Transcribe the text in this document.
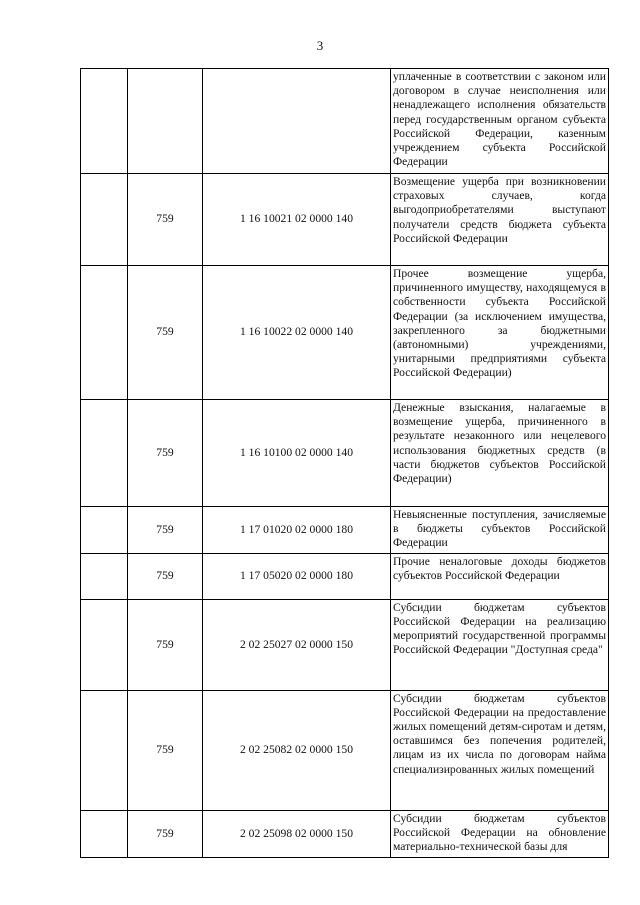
3

			уплаченные в соответствии с законом или договором в случае неисполнения или ненадлежащего исполнения обязательств перед государственным органом субъекта Российской Федерации, казенным учреждением субъекта Российской Федерации

	759	1 16 10021 02 0000 140	Возмещение ущерба при возникновении страховых случаев, когда выгодоприобретателями выступают получатели средств бюджета субъекта Российской Федерации

	759	1 16 10022 02 0000 140	Прочее возмещение ущерба, причиненного имуществу, находящемуся в собственности субъекта Российской Федерации (за исключением имущества, закрепленного за бюджетными (автономными) учреждениями, унитарными предприятиями субъекта Российской Федерации)

	759	1 16 10100 02 0000 140	Денежные взыскания, налагаемые в возмещение ущерба, причиненного в результате незаконного или нецелевого использования бюджетных средств (в части бюджетов субъектов Российской Федерации)

	759	1 17 01020 02 0000 180	Невыясненные поступления, зачисляемые в бюджеты субъектов Российской Федерации

	759	1 17 05020 02 0000 180	Прочие неналоговые доходы бюджетов субъектов Российской Федерации

	759	2 02 25027 02 0000 150	Субсидии бюджетам субъектов Российской Федерации на реализацию мероприятий государственной программы Российской Федерации "Доступная среда"

	759	2 02 25082 02 0000 150	Субсидии бюджетам субъектов Российской Федерации на предоставление жилых помещений детям-сиротам и детям, оставшимся без попечения родителей, лицам из их числа по договорам найма специализированных жилых помещений

	759	2 02 25098 02 0000 150	Субсидии бюджетам субъектов Российской Федерации на обновление материально-технической базы для
